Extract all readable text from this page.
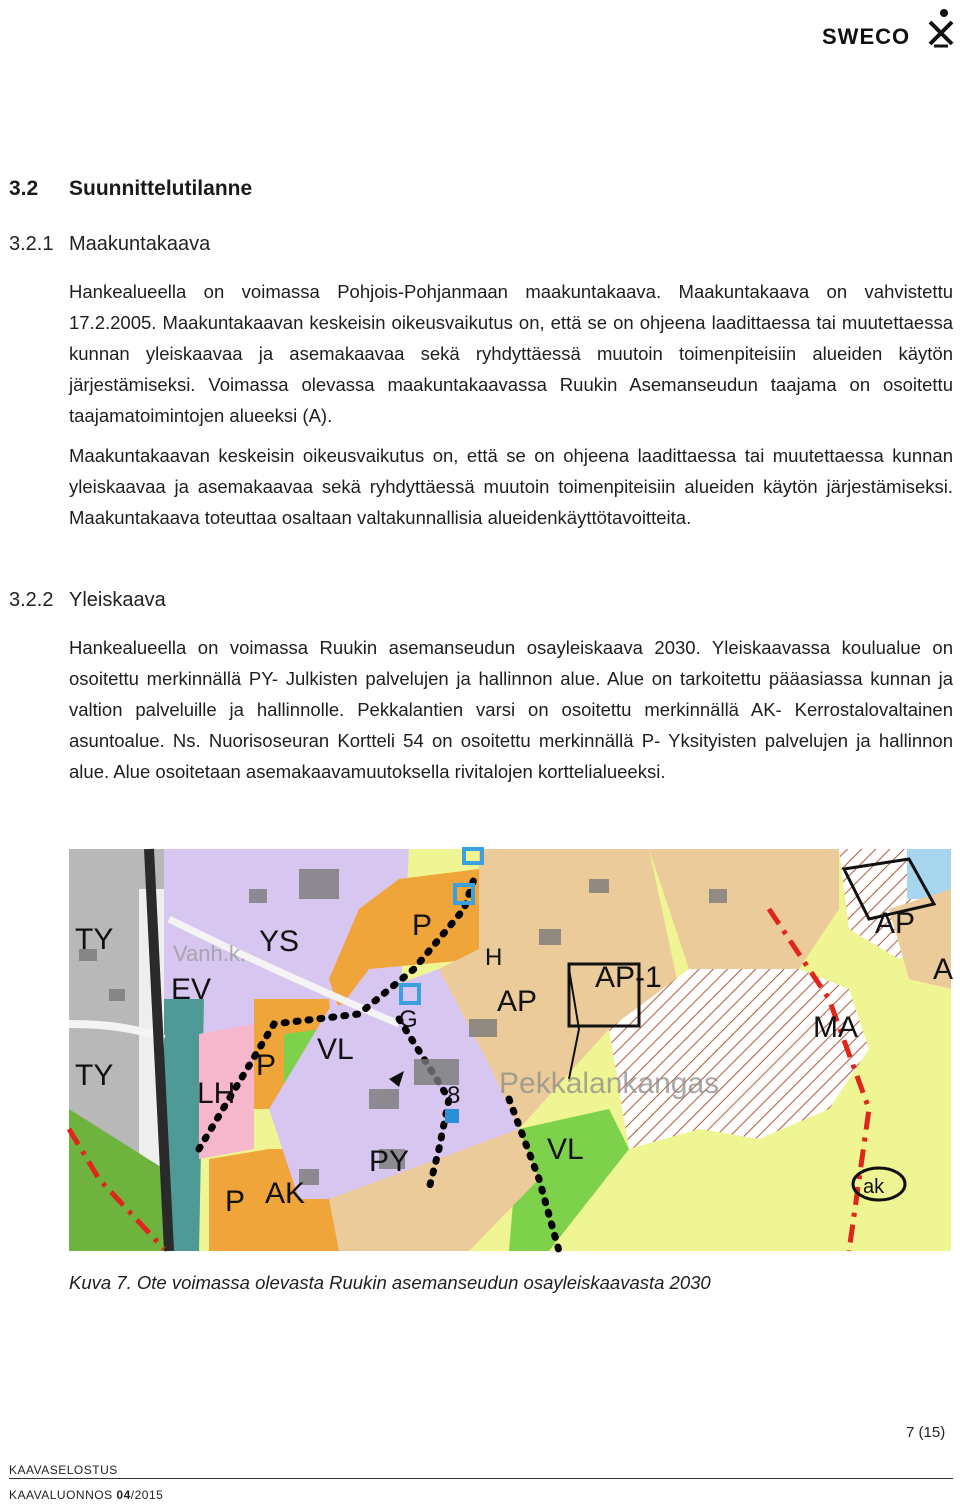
SWECO
3.2 Suunnittelutilanne
3.2.1 Maakuntakaava

Hankealueella on voimassa Pohjois-Pohjanmaan maakuntakaava. Maakuntakaava on vahvistettu 17.2.2005. Maakuntakaavan keskeisin oikeusvaikutus on, että se on ohjeena laadittaessa tai muutettaessa kunnan yleiskaavaa ja asemakaavaa sekä ryhdyttäessä muutoin toimenpiteisiin alueiden käytön järjestämiseksi. Voimassa olevassa maakuntakaavassa Ruukin Asemanseudun taajama on osoitettu taajamatoimintojen alueeksi (A).

Maakuntakaavan keskeisin oikeusvaikutus on, että se on ohjeena laadittaessa tai muutettaessa kunnan yleiskaavaa ja asemakaavaa sekä ryhdyttäessä muutoin toimenpiteisiin alueiden käytön järjestämiseksi. Maakuntakaava toteuttaa osaltaan valtakunnallisia alueidenkäyttötavoitteita.

3.2.2 Yleiskaava

Hankealueella on voimassa Ruukin asemanseudun osayleiskaava 2030. Yleiskaavassa koulualue on osoitettu merkinnällä PY- Julkisten palvelujen ja hallinnon alue. Alue on tarkoitettu pääasiassa kunnan ja valtion palveluille ja hallinnolle. Pekkalantien varsi on osoitettu merkinnällä AK- Kerrostalovaltainen asuntoalue. Ns. Nuorisoseuran Kortteli 54 on osoitettu merkinnällä P- Yksityisten palvelujen ja hallinnon alue. Alue osoitetaan asemakaavamuutoksella rivitalojen korttelialueeksi.

TY
TY
YS
EV
LH
P VL
P AK
PY
P
H
G
AP
AP-1
MA
AP
A
VL
ak
8 Pekkalankangas
Vanh.k.
Kuva 7. Ote voimassa olevasta Ruukin asemanseudun osayleiskaavasta 2030
7 (15)
KAAVASELOSTUS
KAAVALUONNOS 04/2015
